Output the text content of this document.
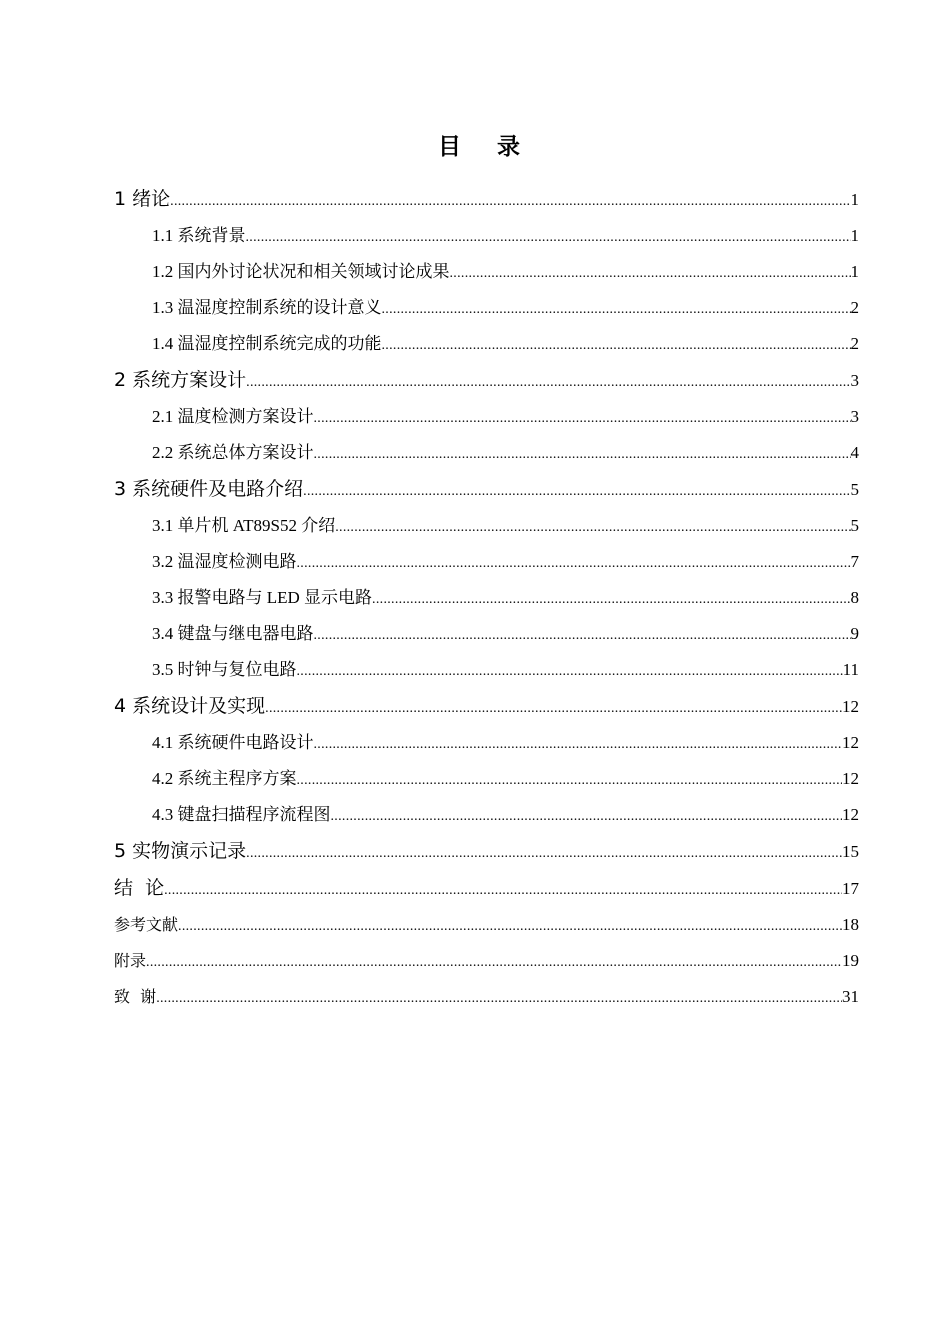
目 录
1 绪论 .....	1
1.1 系统背景 .....	1
1.2 国内外讨论状况和相关领域讨论成果 .....	1
1.3 温湿度控制系统的设计意义 .....	2
1.4 温湿度控制系统完成的功能 .....	2
2 系统方案设计 .....	3
2.1 温度检测方案设计 .....	3
2.2 系统总体方案设计 .....	4
3 系统硬件及电路介绍 .....	5
3.1 单片机 AT89S52 介绍 .....	5
3.2 温湿度检测电路 .....	7
3.3 报警电路与 LED 显示电路 .....	8
3.4 键盘与继电器电路 .....	9
3.5 时钟与复位电路 .....	11
4 系统设计及实现 .....	12
4.1 系统硬件电路设计 .....	12
4.2 系统主程序方案 .....	12
4.3 键盘扫描程序流程图 .....	12
5 实物演示记录 .....	15
结  论 .....	17
参考文献 .....	18
附录 .....	19
致  谢 .....	31
